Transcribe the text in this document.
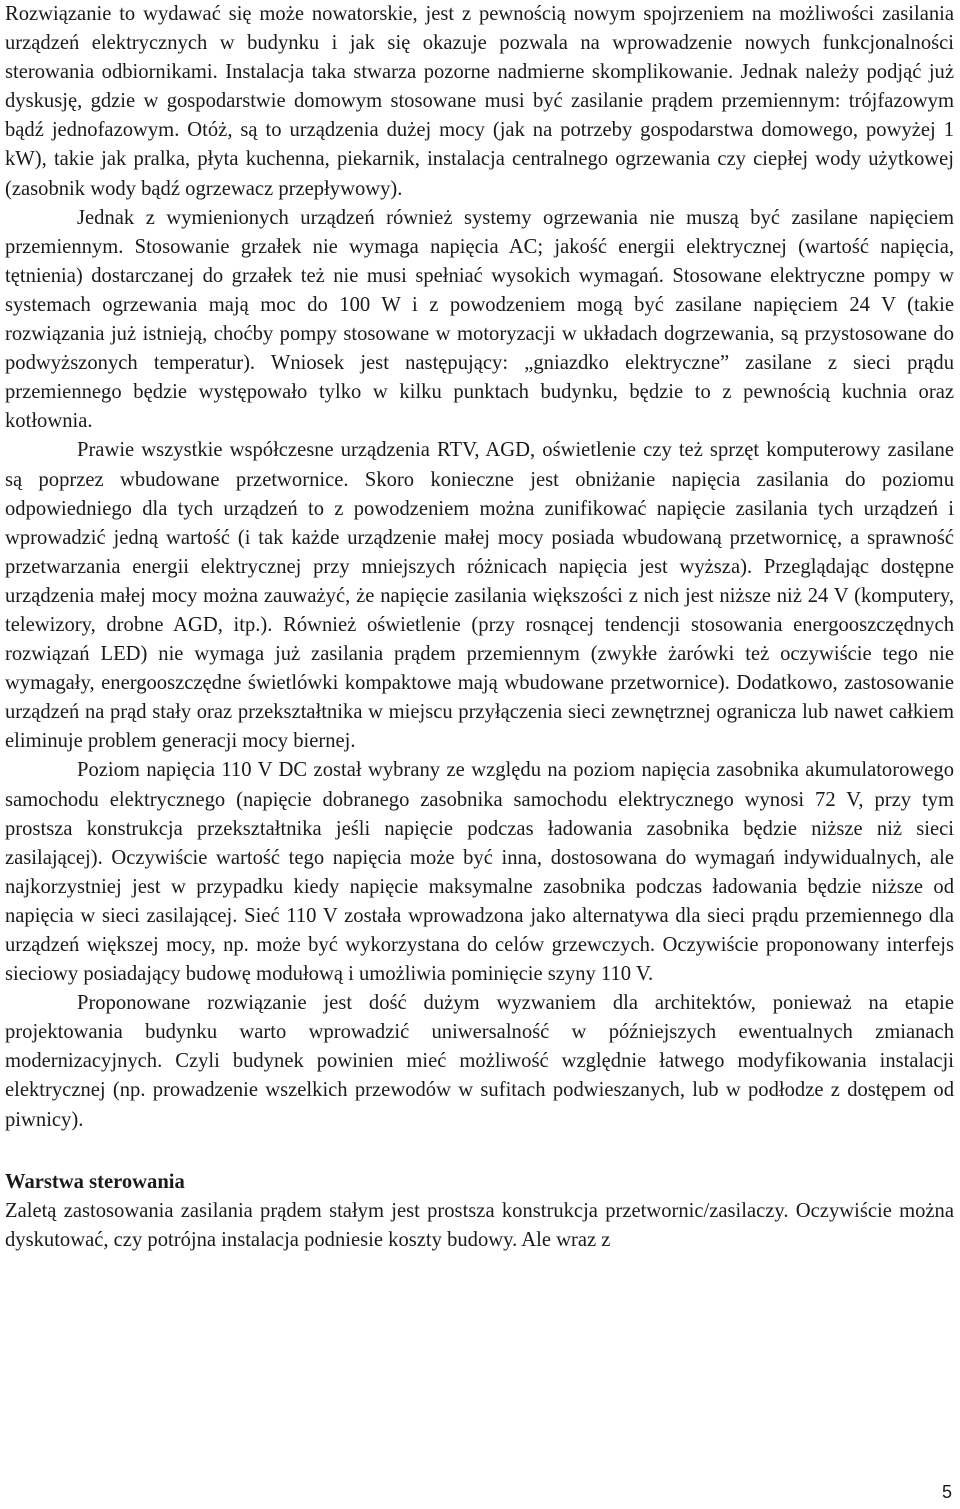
Rozwiązanie to wydawać się może nowatorskie, jest z pewnością nowym spojrzeniem na możliwości zasilania urządzeń elektrycznych w budynku i jak się okazuje pozwala na wprowadzenie nowych funkcjonalności sterowania odbiornikami. Instalacja taka stwarza pozorne nadmierne skomplikowanie. Jednak należy podjąć już dyskusję, gdzie w gospodarstwie domowym stosowane musi być zasilanie prądem przemiennym: trójfazowym bądź jednofazowym. Otóż, są to urządzenia dużej mocy (jak na potrzeby gospodarstwa domowego, powyżej 1 kW), takie jak pralka, płyta kuchenna, piekarnik, instalacja centralnego ogrzewania czy ciepłej wody użytkowej (zasobnik wody bądź ogrzewacz przepływowy).

Jednak z wymienionych urządzeń również systemy ogrzewania nie muszą być zasilane napięciem przemiennym. Stosowanie grzałek nie wymaga napięcia AC; jakość energii elektrycznej (wartość napięcia, tętnienia) dostarczanej do grzałek też nie musi spełniać wysokich wymagań. Stosowane elektryczne pompy w systemach ogrzewania mają moc do 100 W i z powodzeniem mogą być zasilane napięciem 24 V (takie rozwiązania już istnieją, choćby pompy stosowane w motoryzacji w układach dogrzewania, są przystosowane do podwyższonych temperatur). Wniosek jest następujący: „gniazdko elektryczne” zasilane z sieci prądu przemiennego będzie występowało tylko w kilku punktach budynku, będzie to z pewnością kuchnia oraz kotłownia.

Prawie wszystkie współczesne urządzenia RTV, AGD, oświetlenie czy też sprzęt komputerowy zasilane są poprzez wbudowane przetwornice. Skoro konieczne jest obniżanie napięcia zasilania do poziomu odpowiedniego dla tych urządzeń to z powodzeniem można zunifikować napięcie zasilania tych urządzeń i wprowadzić jedną wartość (i tak każde urządzenie małej mocy posiada wbudowaną przetwornicę, a sprawność przetwarzania energii elektrycznej przy mniejszych różnicach napięcia jest wyższa). Przeglądając dostępne urządzenia małej mocy można zauważyć, że napięcie zasilania większości z nich jest niższe niż 24 V (komputery, telewizory, drobne AGD, itp.). Również oświetlenie (przy rosnącej tendencji stosowania energooszczędnych rozwiązań LED) nie wymaga już zasilania prądem przemiennym (zwykłe żarówki też oczywiście tego nie wymagały, energooszczędne świetlówki kompaktowe mają wbudowane przetwornice). Dodatkowo, zastosowanie urządzeń na prąd stały oraz przekształtnika w miejscu przyłączenia sieci zewnętrznej ogranicza lub nawet całkiem eliminuje problem generacji mocy biernej.

Poziom napięcia 110 V DC został wybrany ze względu na poziom napięcia zasobnika akumulatorowego samochodu elektrycznego (napięcie dobranego zasobnika samochodu elektrycznego wynosi 72 V, przy tym prostsza konstrukcja przekształtnika jeśli napięcie podczas ładowania zasobnika będzie niższe niż sieci zasilającej). Oczywiście wartość tego napięcia może być inna, dostosowana do wymagań indywidualnych, ale najkorzystniej jest w przypadku kiedy napięcie maksymalne zasobnika podczas ładowania będzie niższe od napięcia w sieci zasilającej. Sieć 110 V została wprowadzona jako alternatywa dla sieci prądu przemiennego dla urządzeń większej mocy, np. może być wykorzystana do celów grzewczych. Oczywiście proponowany interfejs sieciowy posiadający budowę modułową i umożliwia pominięcie szyny 110 V.

Proponowane rozwiązanie jest dość dużym wyzwaniem dla architektów, ponieważ na etapie projektowania budynku warto wprowadzić uniwersalność w późniejszych ewentualnych zmianach modernizacyjnych. Czyli budynek powinien mieć możliwość względnie łatwego modyfikowania instalacji elektrycznej (np. prowadzenie wszelkich przewodów w sufitach podwieszanych, lub w podłodze z dostępem od piwnicy).

Warstwa sterowania

Zaletą zastosowania zasilania prądem stałym jest prostsza konstrukcja przetwornic/zasilaczy. Oczywiście można dyskutować, czy potrójna instalacja podniesie koszty budowy. Ale wraz z

5
